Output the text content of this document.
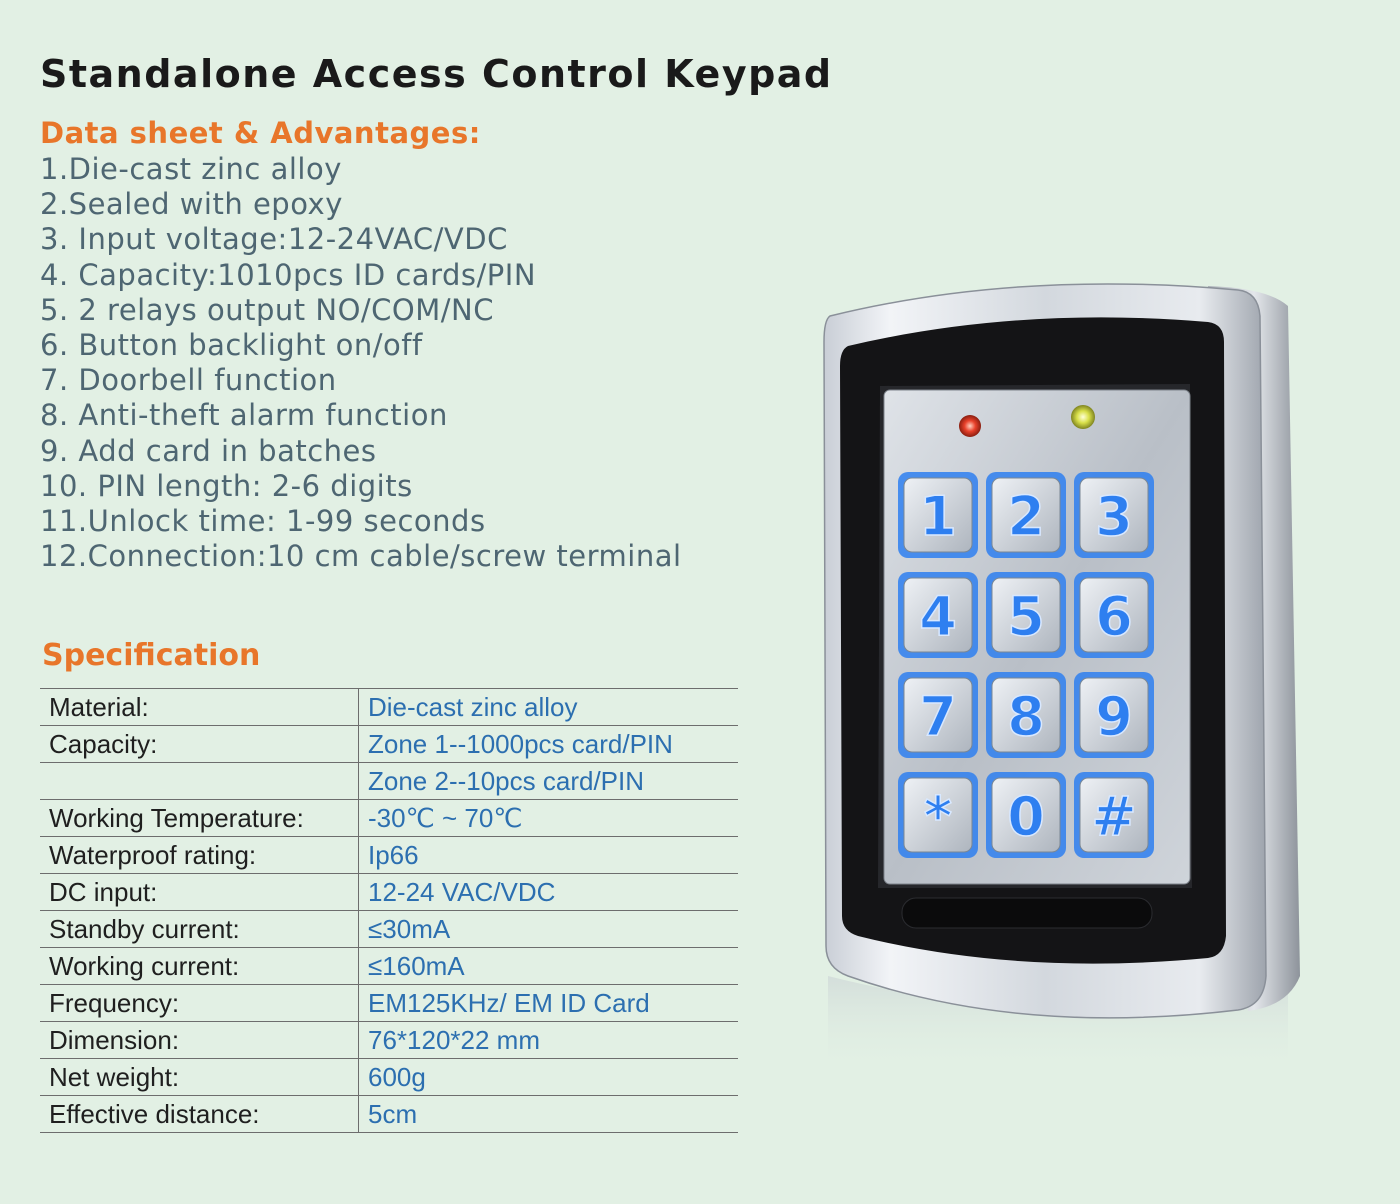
Standalone Access Control Keypad
Data sheet & Advantages:
1.Die-cast zinc alloy
2.Sealed with epoxy
3. Input voltage:12-24VAC/VDC
4. Capacity:1010pcs ID cards/PIN
5. 2 relays output NO/COM/NC
6. Button backlight on/off
7. Doorbell function
8. Anti-theft alarm function
9. Add card in batches
10. PIN length: 2-6 digits
11.Unlock time: 1-99 seconds
12.Connection:10 cm cable/screw terminal
Specification
Material:	Die-cast zinc alloy
Capacity:	Zone 1--1000pcs card/PIN
	Zone 2--10pcs card/PIN
Working Temperature:	-30℃ ~ 70℃
Waterproof rating:	Ip66
DC input:	12-24 VAC/VDC
Standby current:	≤30mA
Working current:	≤160mA
Frequency:	EM125KHz/ EM ID Card
Dimension:	76*120*22 mm
Net weight:	600g
Effective distance:	5cm
1 2 3
4 5 6
7 8 9
* 0 #
